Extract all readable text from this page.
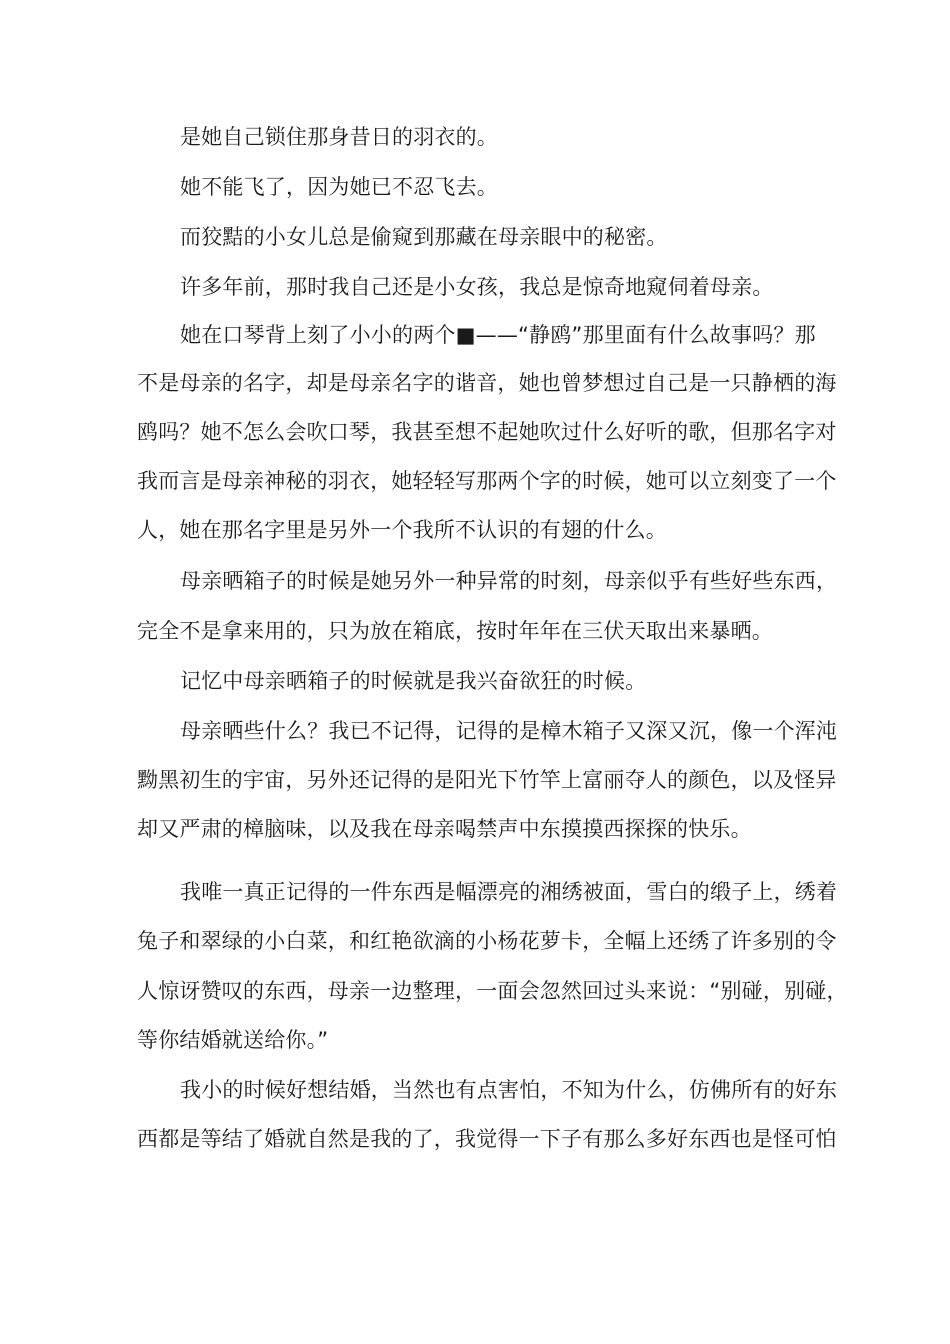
是她自己锁住那身昔日的羽衣的。
她不能飞了，因为她已不忍飞去。
而狡黠的小女儿总是偷窥到那藏在母亲眼中的秘密。
许多年前，那时我自己还是小女孩，我总是惊奇地窥伺着母亲。
她在口琴背上刻了小小的两个■——“静鸥”那里面有什么故事吗？那
不是母亲的名字，却是母亲名字的谐音，她也曾梦想过自己是一只静栖的海
鸥吗？她不怎么会吹口琴，我甚至想不起她吹过什么好听的歌，但那名字对
我而言是母亲神秘的羽衣，她轻轻写那两个字的时候，她可以立刻变了一个
人，她在那名字里是另外一个我所不认识的有翅的什么。
母亲晒箱子的时候是她另外一种异常的时刻，母亲似乎有些好些东西，
完全不是拿来用的，只为放在箱底，按时年年在三伏天取出来暴晒。
记忆中母亲晒箱子的时候就是我兴奋欲狂的时候。
母亲晒些什么？我已不记得，记得的是樟木箱子又深又沉，像一个浑沌
黝黑初生的宇宙，另外还记得的是阳光下竹竿上富丽夺人的颜色，以及怪异
却又严肃的樟脑味，以及我在母亲喝禁声中东摸摸西探探的快乐。
我唯一真正记得的一件东西是幅漂亮的湘绣被面，雪白的缎子上，绣着
兔子和翠绿的小白菜，和红艳欲滴的小杨花萝卡，全幅上还绣了许多别的令
人惊讶赞叹的东西，母亲一边整理，一面会忽然回过头来说：“别碰，别碰，
等你结婚就送给你。”
我小的时候好想结婚，当然也有点害怕，不知为什么，仿佛所有的好东
西都是等结了婚就自然是我的了，我觉得一下子有那么多好东西也是怪可怕
